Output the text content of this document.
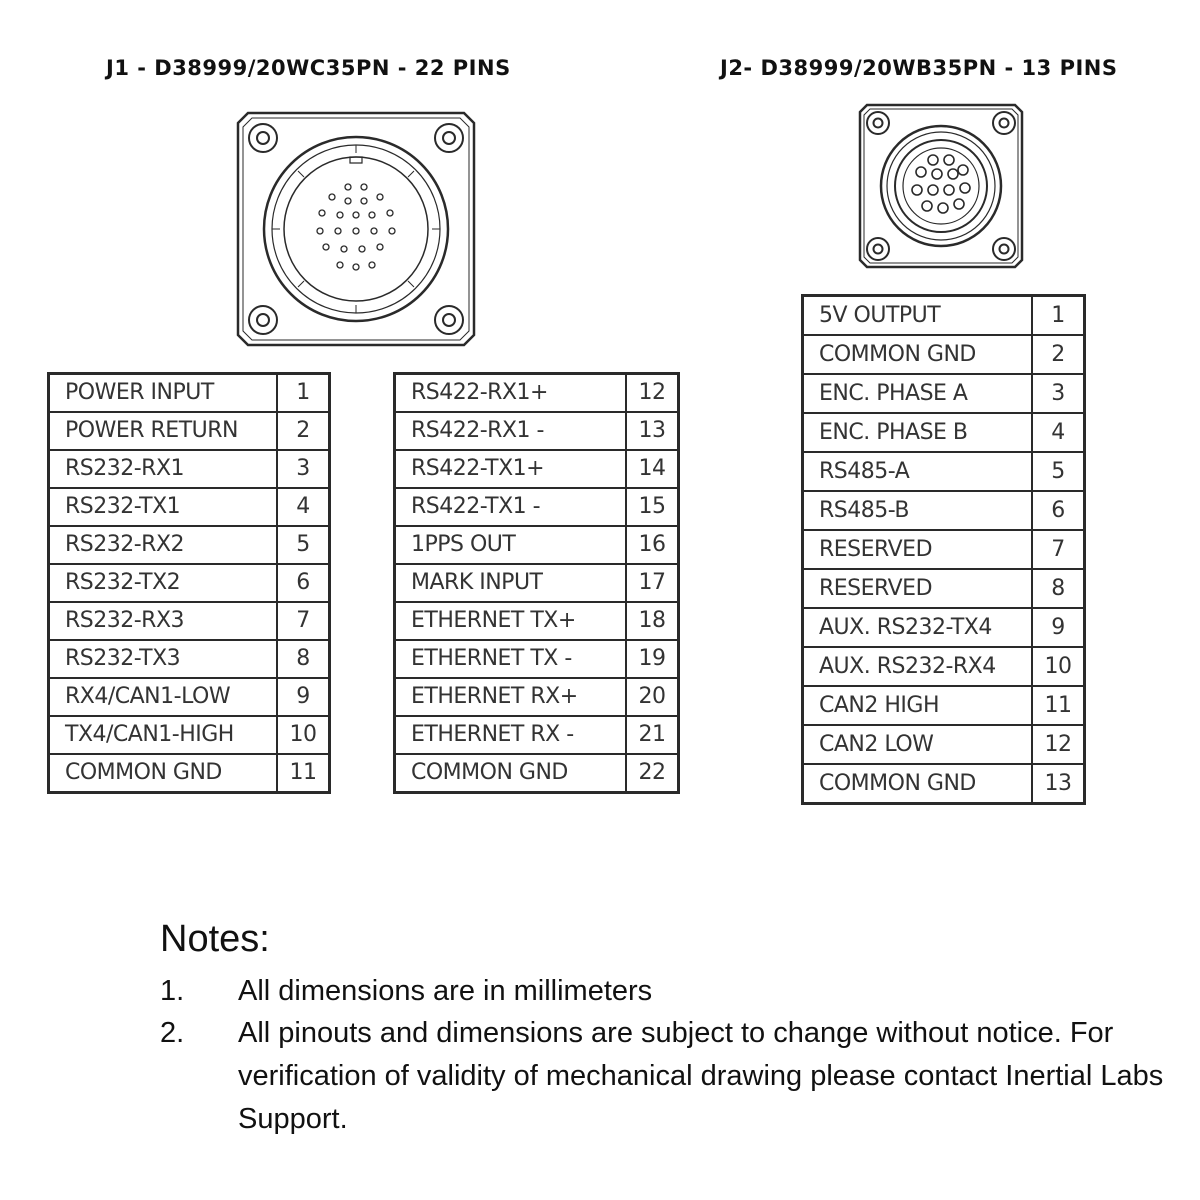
J1 - D38999/20WC35PN - 22 PINS	J2- D38999/20WB35PN - 13 PINS
POWER INPUT	1
POWER RETURN	2
RS232-RX1	3
RS232-TX1	4
RS232-RX2	5
RS232-TX2	6
RS232-RX3	7
RS232-TX3	8
RX4/CAN1-LOW	9
TX4/CAN1-HIGH	10
COMMON GND	11
RS422-RX1+	12
RS422-RX1 -	13
RS422-TX1+	14
RS422-TX1 -	15
1PPS OUT	16
MARK INPUT	17
ETHERNET TX+	18
ETHERNET TX -	19
ETHERNET RX+	20
ETHERNET RX -	21
COMMON GND	22
5V OUTPUT	1
COMMON GND	2
ENC. PHASE A	3
ENC. PHASE B	4
RS485-A	5
RS485-B	6
RESERVED	7
RESERVED	8
AUX. RS232-TX4	9
AUX. RS232-RX4	10
CAN2 HIGH	11
CAN2 LOW	12
COMMON GND	13
Notes:
1. All dimensions are in millimeters
2. All pinouts and dimensions are subject to change without notice. For verification of validity of mechanical drawing please contact Inertial Labs Support.
